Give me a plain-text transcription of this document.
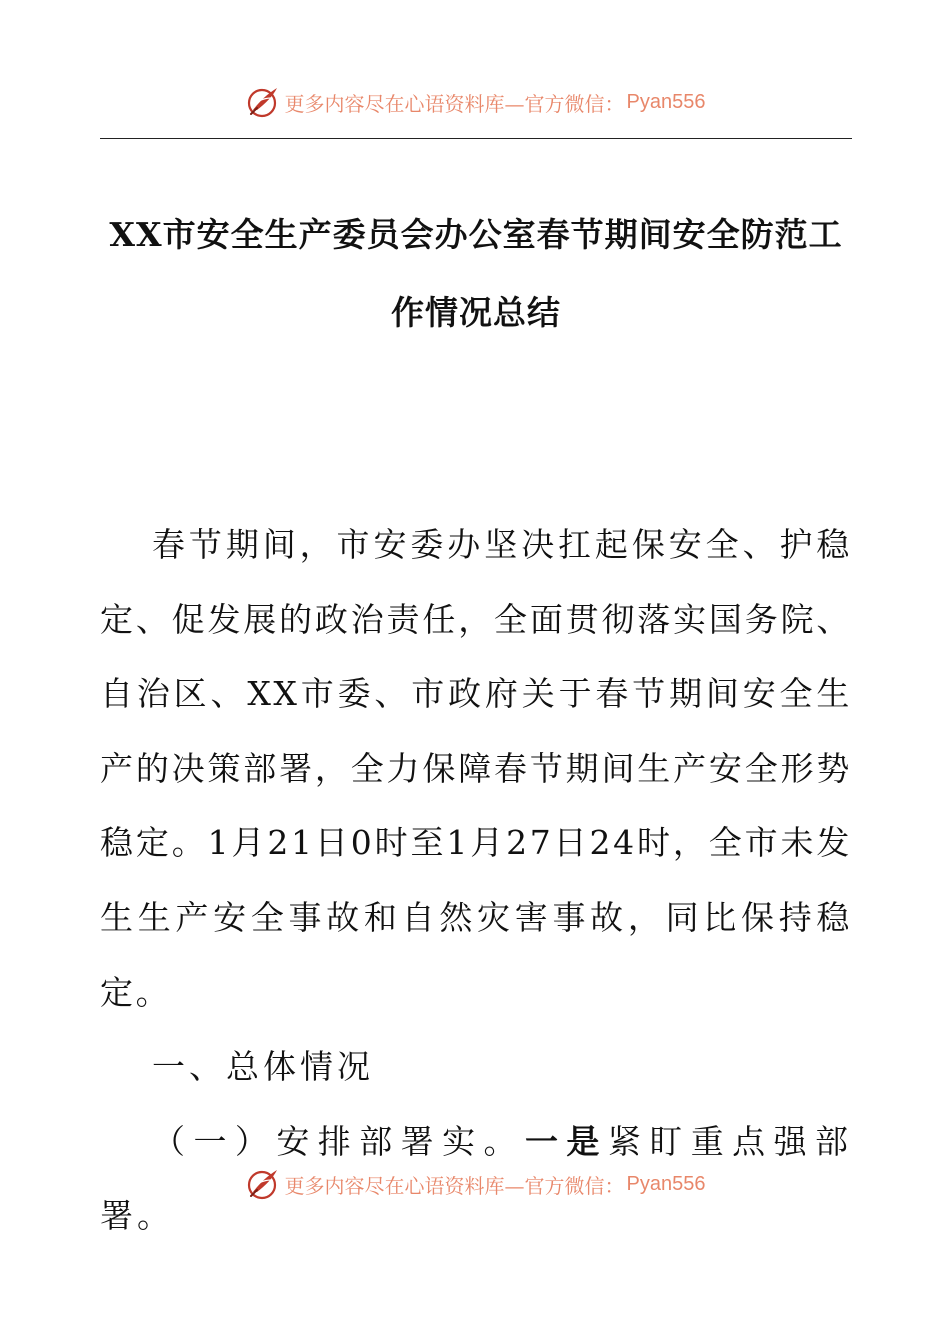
更多内容尽在心语资料库—官方微信： Pyan556
XX市安全生产委员会办公室春节期间安全防范工作情况总结

春节期间，市安委办坚决扛起保安全、护稳定、促发展的政治责任，全面贯彻落实国务院、自治区、XX市委、市政府关于春节期间安全生产的决策部署，全力保障春节期间生产安全形势稳定。1月21日0时至1月27日24时，全市未发生生产安全事故和自然灾害事故，同比保持稳定。

一、总体情况

（一）安排部署实。一是紧盯重点强部署。

更多内容尽在心语资料库—官方微信： Pyan556
